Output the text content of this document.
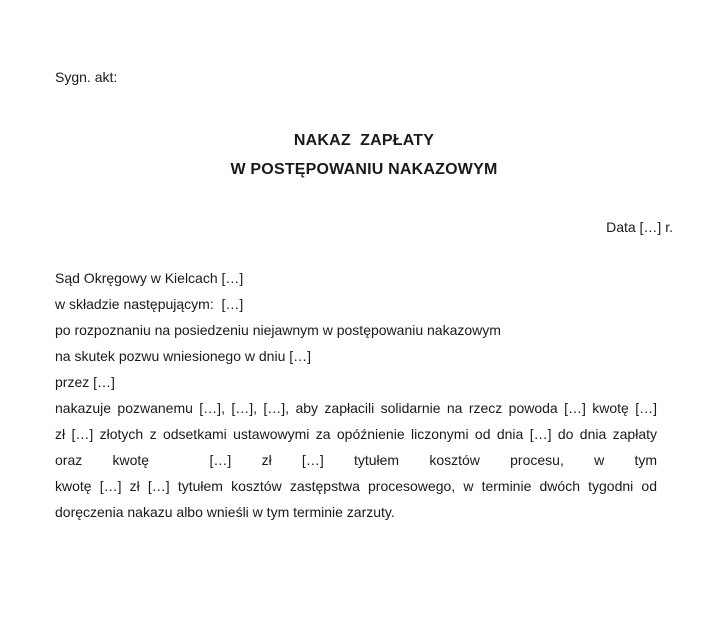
Sygn. akt:
NAKAZ  ZAPŁATY
W POSTĘPOWANIU NAKAZOWYM
Data […] r.
Sąd Okręgowy w Kielcach […]
w składzie następującym:  […]
po rozpoznaniu na posiedzeniu niejawnym w postępowaniu nakazowym
na skutek pozwu wniesionego w dniu […]
przez […]
nakazuje pozwanemu […], […], […], aby zapłacili solidarnie na rzecz powoda […] kwotę […]
zł […] złotych z odsetkami ustawowymi za opóźnienie liczonymi od dnia […] do dnia zapłaty
oraz kwotę  […] zł […] tytułem kosztów procesu, w tym
kwotę […] zł […] tytułem kosztów zastępstwa procesowego, w terminie dwóch tygodni od
doręczenia nakazu albo wnieśli w tym terminie zarzuty.
